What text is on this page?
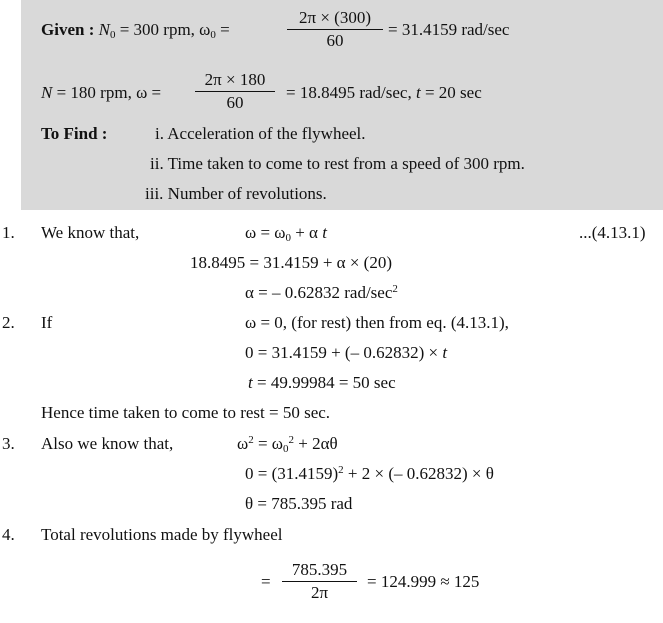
Given : $N_0 = 300$ rpm, $\omega_0$ =
2π × (300)
60
= 31.4159 rad/sec
N = 180 rpm, ω =
2π × 180
60
= 18.8495 rad/sec, t = 20 sec
To Find :	i. Acceleration of the flywheel.
ii. Time taken to come to rest from a speed of 300 rpm.
iii. Number of revolutions.
1. We know that,	$\omega = \omega_0 + \alpha$ t	...(4.13.1)
18.8495 = 31.4159 + α × (20)
α = – 0.62832 rad/$\sec^2$
2. If	ω = 0, (for rest) then from eq. (4.13.1),
0 = 31.4159 + (– 0.62832) × t
t = 49.99984 = 50 sec
Hence time taken to come to rest = 50 sec.
3. Also we know that,	$\omega^2 = \omega_0^2 + 2\alpha\theta$
$0 = (31.4159)^2 + 2$ × (– 0.62832) × θ
θ = 785.395 rad
4. Total revolutions made by flywheel
=
785.395
2π
= 124.999 ≈ 125
